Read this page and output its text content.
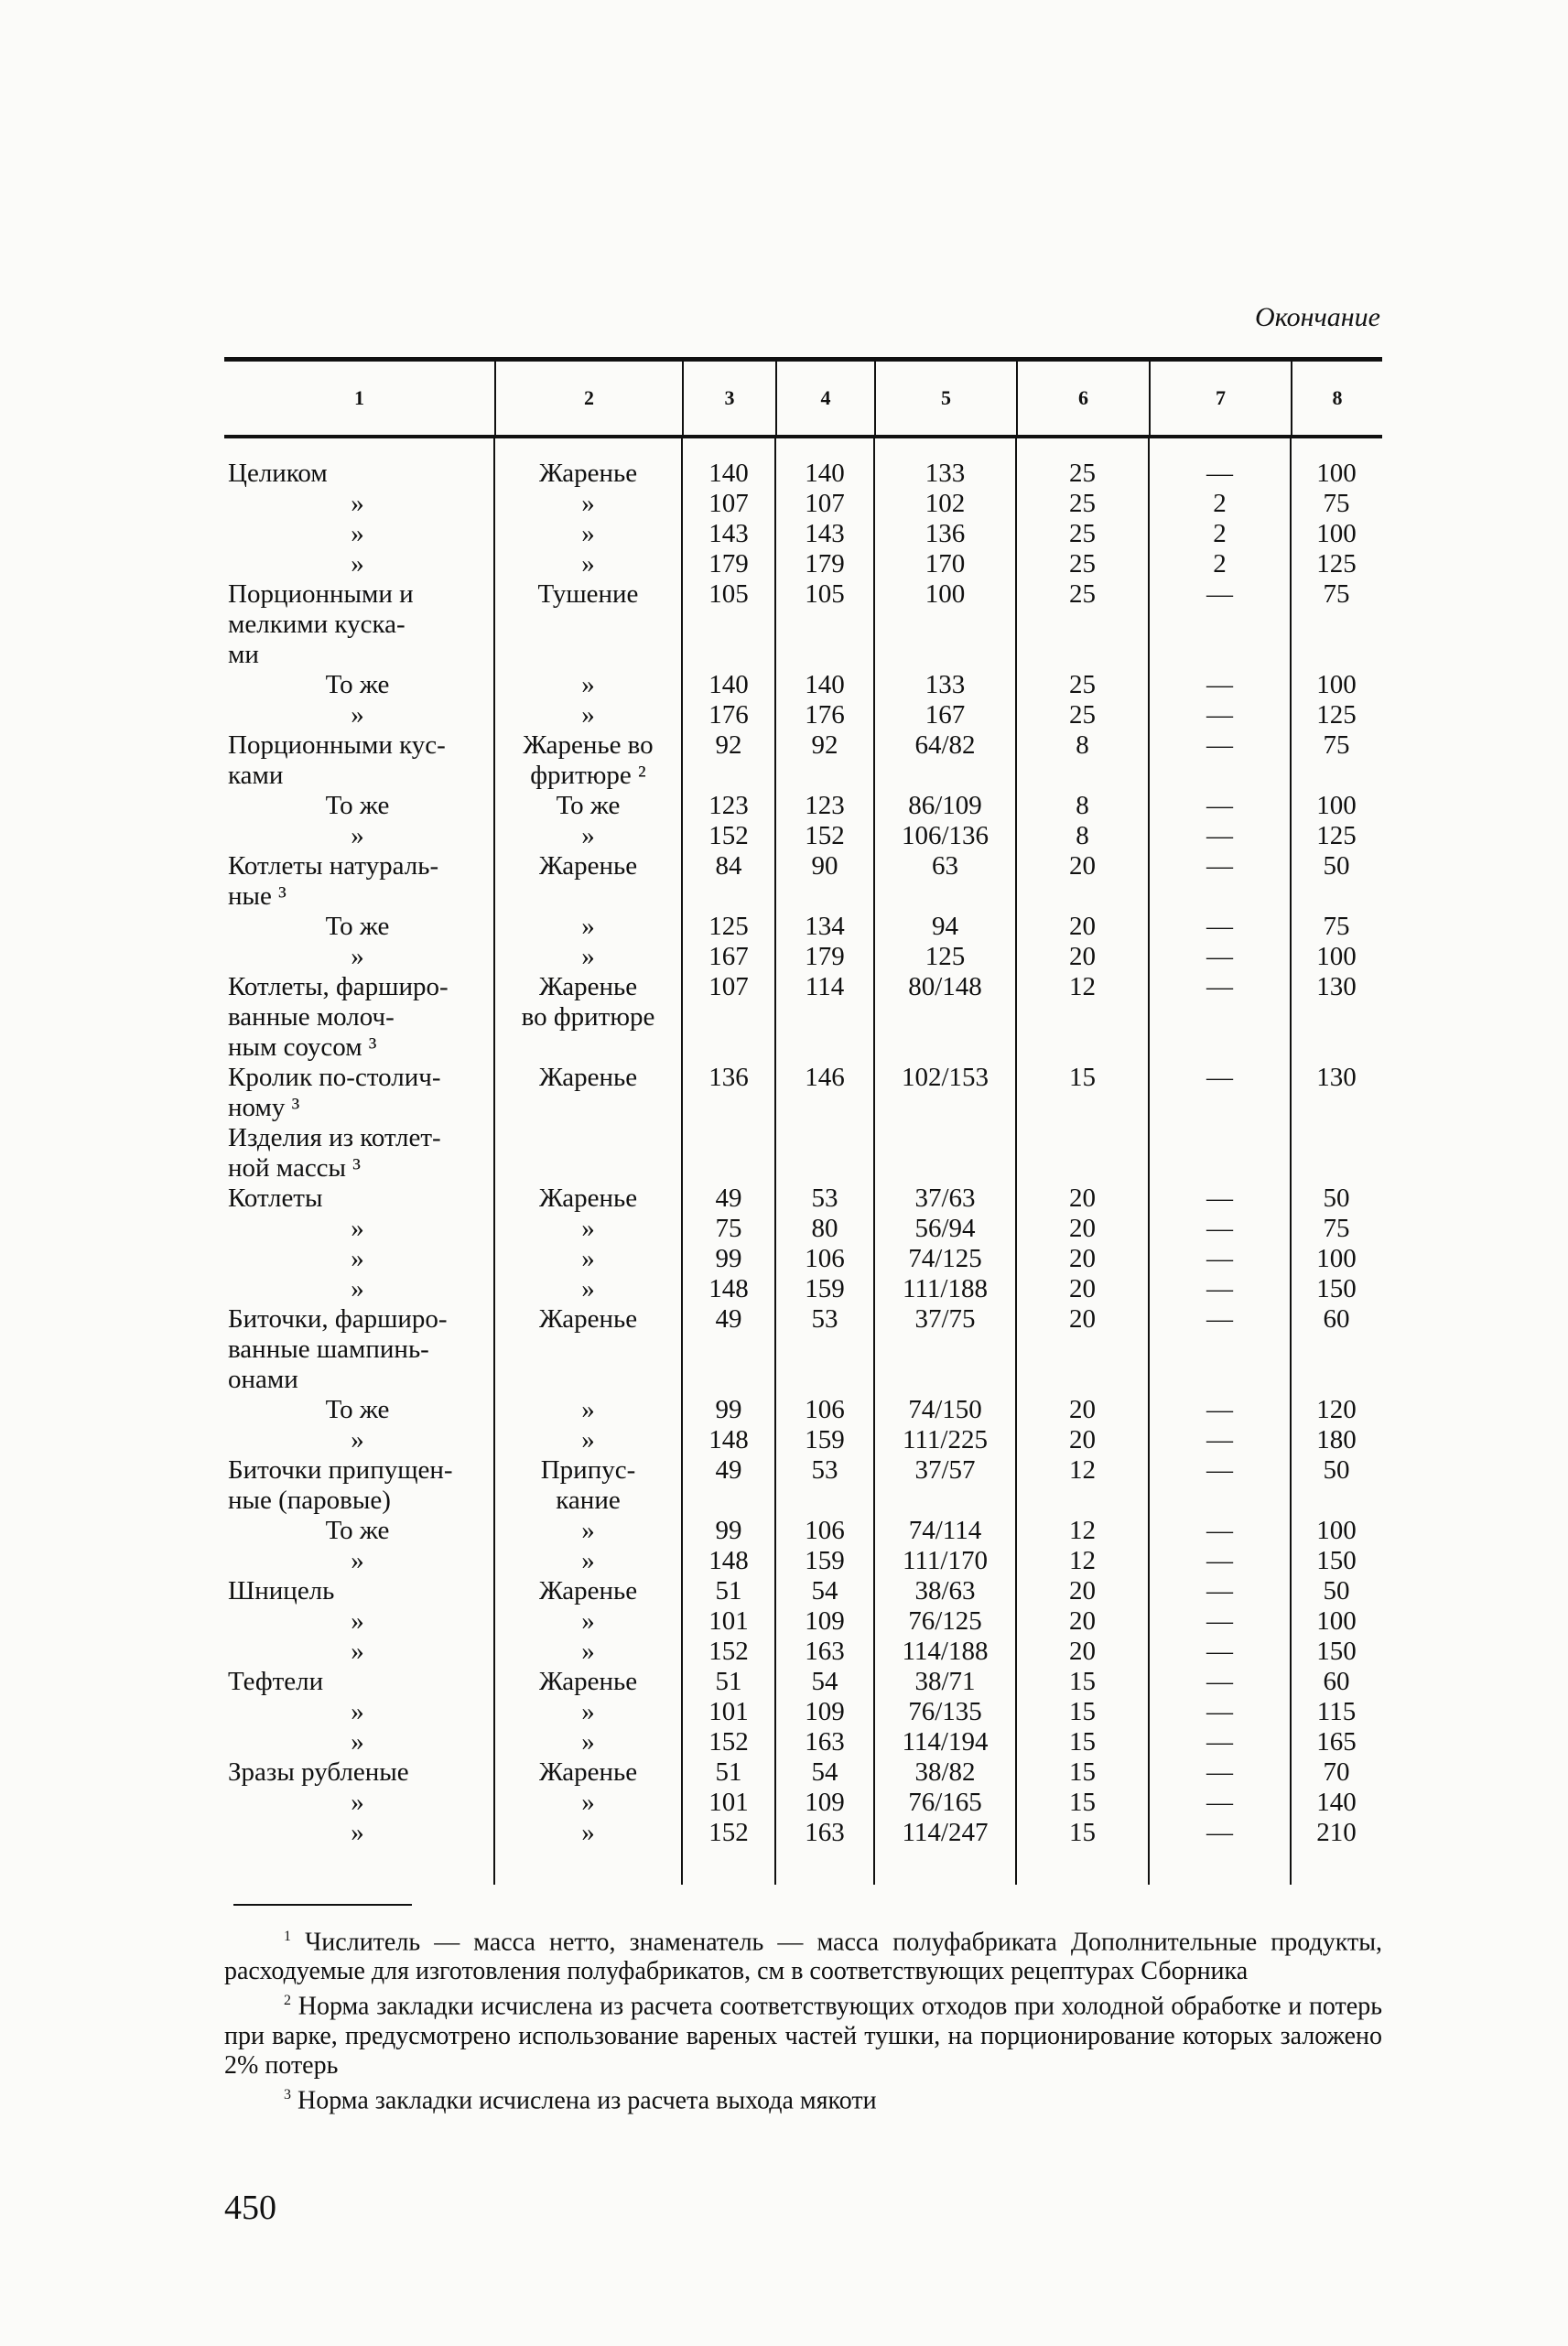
Окончание
1	2	3	4	5	6	7	8
Целиком	Жаренье	140	140	133	25	—	100
»	»	107	107	102	25	2	75
»	»	143	143	136	25	2	100
»	»	179	179	170	25	2	125
Порционными и	Тушение	105	105	100	25	—	75
мелкими куска-
ми
То же	»	140	140	133	25	—	100
»	»	176	176	167	25	—	125
Порционными кус-	Жаренье во	92	92	64/82	8	—	75
ками	фритюре ²
То же	То же	123	123	86/109	8	—	100
»	»	152	152	106/136	8	—	125
Котлеты натураль-	Жаренье	84	90	63	20	—	50
ные ³
То же	»	125	134	94	20	—	75
»	»	167	179	125	20	—	100
Котлеты, фарширо-	Жаренье	107	114	80/148	12	—	130
ванные молоч-	во фритюре
ным соусом ³
Кролик по-столич-	Жаренье	136	146	102/153	15	—	130
ному ³
Изделия из котлет-
ной массы ³
Котлеты	Жаренье	49	53	37/63	20	—	50
»	»	75	80	56/94	20	—	75
»	»	99	106	74/125	20	—	100
»	»	148	159	111/188	20	—	150
Биточки, фарширо-	Жаренье	49	53	37/75	20	—	60
ванные шампинь-
онами
То же	»	99	106	74/150	20	—	120
»	»	148	159	111/225	20	—	180
Биточки припущен-	Припус-	49	53	37/57	12	—	50
ные (паровые)	кание
То же	»	99	106	74/114	12	—	100
»	»	148	159	111/170	12	—	150
Шницель	Жаренье	51	54	38/63	20	—	50
»	»	101	109	76/125	20	—	100
»	»	152	163	114/188	20	—	150
Тефтели	Жаренье	51	54	38/71	15	—	60
»	»	101	109	76/135	15	—	115
»	»	152	163	114/194	15	—	165
Зразы рубленые	Жаренье	51	54	38/82	15	—	70
»	»	101	109	76/165	15	—	140
»	»	152	163	114/247	15	—	210

$^1$ Числитель — масса нетто, знаменатель — масса полуфабриката Дополнительные продукты, расходуемые для изготовления полуфабрикатов, см в соответствующих рецептурах Сборника

$^2$ Норма закладки исчислена из расчета соответствующих отходов при холодной обработке и потерь при варке, предусмотрено использование вареных частей тушки, на порционирование которых заложено 2% потерь

$^3$ Норма закладки исчислена из расчета выхода мякоти

450
